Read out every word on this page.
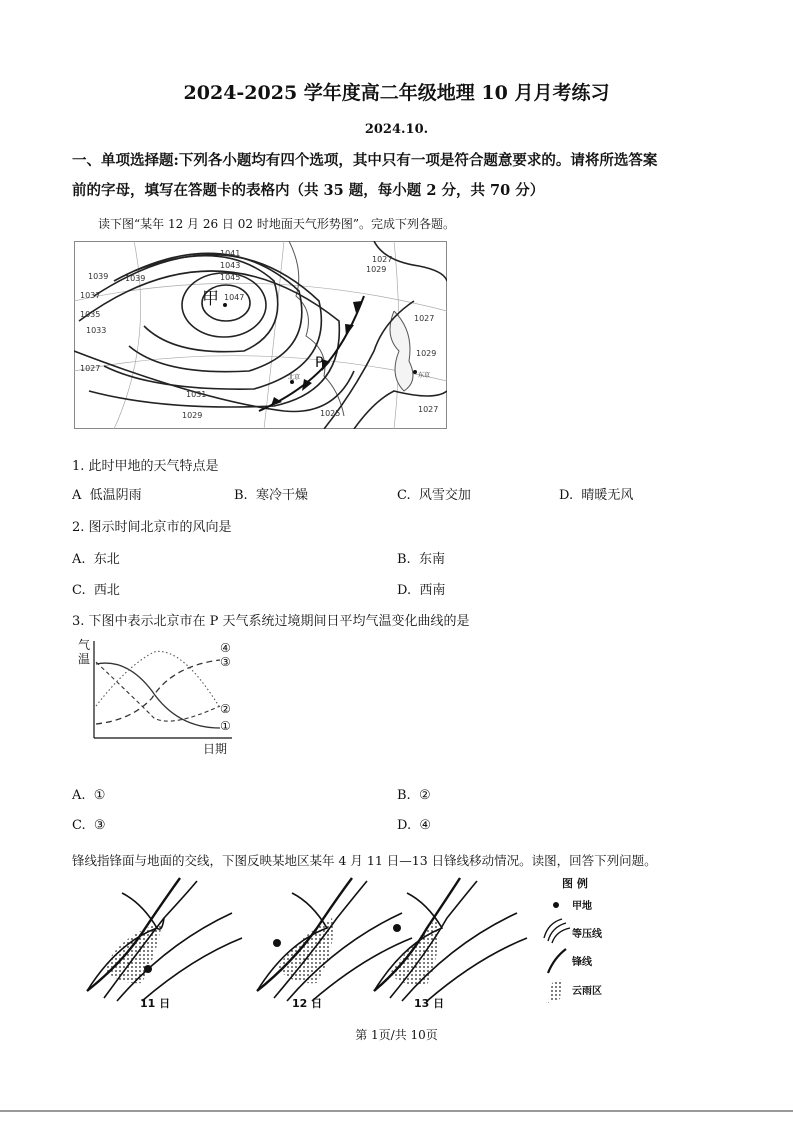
2024-2025 学年度高二年级地理 10 月月考练习
2024.10.
一、单项选择题:下列各小题均有四个选项，其中只有一项是符合题意要求的。请将所选答案
前的字母，填写在答题卡的表格内（共 35 题，每小题 2 分，共 70 分）
读下图“某年 12 月 26 日 02 时地面天气形势图”。完成下列各题。
甲
P
北京	东京
1041
1043
1045
1047
1039 1039
1037
1035
1033
1027
1031
1029
1027
1029
1027
1029
1025	1027
1. 此时甲地的天气特点是
A 低温阴雨	B. 寒冷干燥	C. 风雪交加	D. 晴暖无风
2. 图示时间北京市的风向是
A. 东北	B. 东南
C. 西北	D. 西南
3. 下图中表示北京市在 P 天气系统过境期间日平均气温变化曲线的是
气
温
④
③
②
①
日期
A. ①	B. ②
C. ③	D. ④
锋线指锋面与地面的交线，下图反映某地区某年 4 月 11 日—13 日锋线移动情况。读图，回答下列问题。
11 日	12 日	13 日
图 例
甲地
等压线
锋线
云雨区
第 1页/共 10页
